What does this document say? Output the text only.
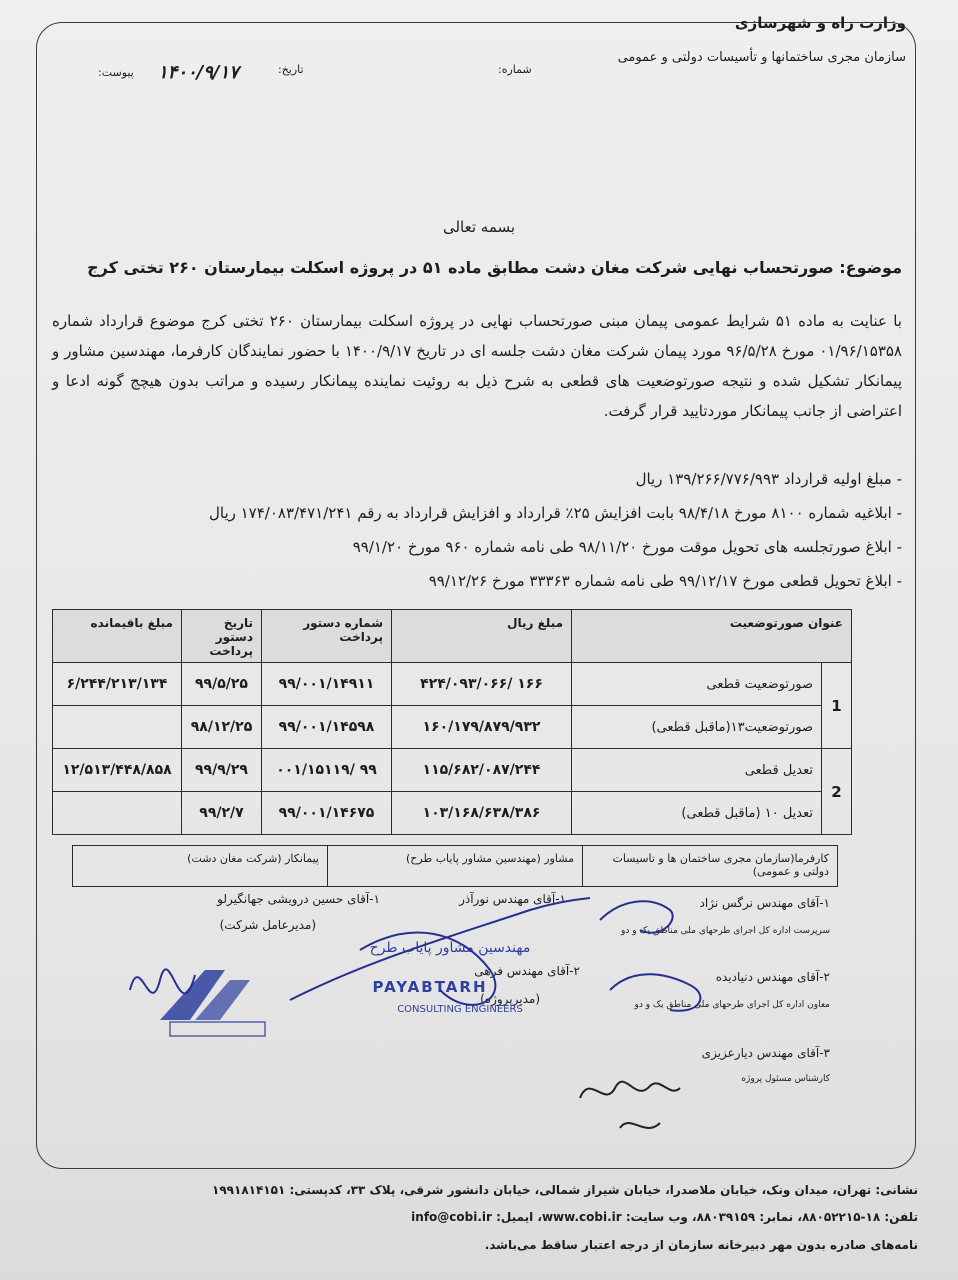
وزارت راه و شهرسازی
سازمان مجری ساختمانها و تأسیسات دولتی و عمومی
شماره:
تاریخ:
۱۴۰۰/۹/۱۷
پیوست:
بسمه تعالی
موضوع: صورتحساب نهایی شرکت مغان دشت مطابق ماده ۵۱ در پروژه اسکلت بیمارستان ۲۶۰ تختی کرج
با عنایت به ماده ۵۱ شرایط عمومی پیمان مبنی صورتحساب نهایی در پروژه اسکلت بیمارستان ۲۶۰ تختی کرج موضوع قرارداد شماره ۰۱/۹۶/۱۵۳۵۸ مورخ ۹۶/۵/۲۸ مورد پیمان شرکت مغان دشت جلسه ای در تاریخ ۱۴۰۰/۹/۱۷ با حضور نمایندگان کارفرما، مهندسین مشاور و پیمانکار تشکیل شده و نتیجه صورتوضعیت های قطعی به شرح ذیل به روئیت نماینده پیمانکار رسیده و مراتب بدون هیچج گونه ادعا و اعتراضی از جانب پیمانکار موردتایید قرار گرفت.
- مبلغ اولیه قرارداد ۱۳۹/۲۶۶/۷۷۶/۹۹۳ ریال
- ابلاغیه شماره ۸۱۰۰ مورخ ۹۸/۴/۱۸ بابت افزایش ۲۵٪ قرارداد و افزایش قرارداد به رقم ۱۷۴/۰۸۳/۴۷۱/۲۴۱ ریال
- ابلاغ صورتجلسه های تحویل موقت مورخ ۹۸/۱۱/۲۰ طی نامه شماره ۹۶۰ مورخ ۹۹/۱/۲۰
- ابلاغ تحویل قطعی مورخ ۹۹/۱۲/۱۷ طی نامه شماره ۳۳۳۶۳ مورخ ۹۹/۱۲/۲۶
عنوان صورتوضعیت		مبلغ ریال	شماره دستور پرداخت	تاریخ دستور پرداخت	مبلغ باقیمانده
1	صورتوضعیت قطعی	۱۶۶ /۴۲۴/۰۹۳/۰۶۶	۹۹/۰۰۱/۱۴۹۱۱	۹۹/۵/۲۵	۶/۲۴۴/۲۱۳/۱۳۴
	صورتوضعیت۱۳(ماقبل قطعی)	۱۶۰/۱۷۹/۸۷۹/۹۳۲	۹۹/۰۰۱/۱۴۵۹۸	۹۸/۱۲/۲۵	
2	تعدیل قطعی	۱۱۵/۶۸۲/۰۸۷/۲۴۴	۹۹ /۰۰۱/۱۵۱۱۹	۹۹/۹/۲۹	۱۲/۵۱۳/۴۴۸/۸۵۸
	تعدیل ۱۰ (ماقبل قطعی)	۱۰۳/۱۶۸/۶۳۸/۳۸۶	۹۹/۰۰۱/۱۴۶۷۵	۹۹/۲/۷	
کارفرما(سازمان مجری ساختمان ها و تاسیسات دولتی و عمومی)
مشاور (مهندسین مشاور پایاب طرح)
پیمانکار (شرکت مغان دشت)
۱-آقای حسین درویشی جهانگیرلو
(مدیرعامل شرکت)
۱-آقای مهندس نورآذر
۲-آقای مهندس فرهی
(مدیرپروژه)
۱-آقای مهندس نرگس نژاد
سرپرست اداره کل اجرای طرحهای ملی مناطق یک و دو
۲-آقای مهندس دنیادیده
معاون اداره کل اجرای طرحهای ملی مناطق یک و دو
۳-آقای مهندس دیارعزیزی
کارشناس مسئول پروژه
مهندسین مشاور پایاب طرح
PAYABTARH
CONSULTING ENGINEERS
نشانی: تهران، میدان ونک، خیابان ملاصدرا، خیابان شیراز شمالی، خیابان دانشور شرقی، پلاک ۳۳، کدپستی: ۱۹۹۱۸۱۴۱۵۱
تلفن: ۱۸-۸۸۰۵۲۲۱۵، نمابر: ۸۸۰۳۹۱۵۹، وب سایت: www.cobi.ir، ایمیل: info@cobi.ir
نامه‌های صادره بدون مهر دبیرخانه سازمان از درجه اعتبار ساقط می‌باشد.
